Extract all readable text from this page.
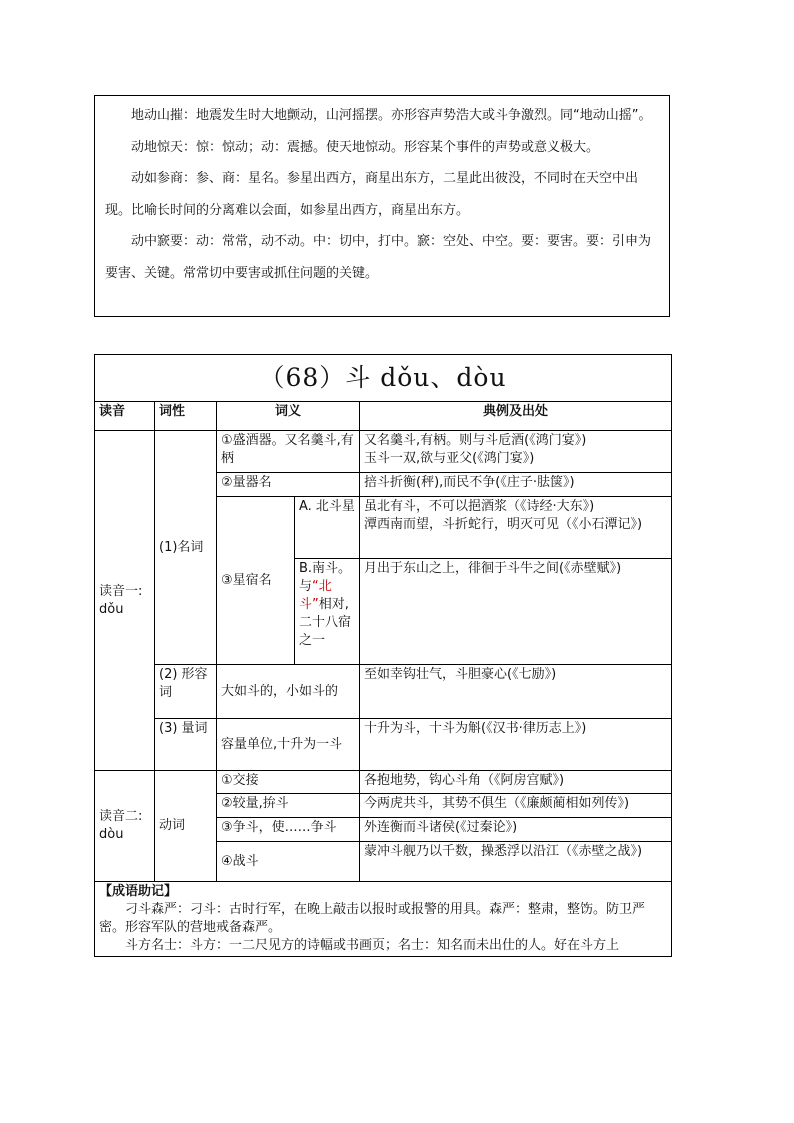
地动山摧：地震发生时大地颤动，山河摇摆。亦形容声势浩大或斗争激烈。同“地动山摇”。

动地惊天：惊：惊动；动：震撼。使天地惊动。形容某个事件的声势或意义极大。

动如参商：参、商：星名。参星出西方，商星出东方，二星此出彼没，不同时在天空中出现。比喻长时间的分离难以会面，如参星出西方，商星出东方。

动中窾要：动：常常，动不动。中：切中，打中。窾：空处、中空。要：要害。要：引申为要害、关键。常常切中要害或抓住问题的关键。

（68）斗 dǒu、dòu				
读音	词性	词义		典例及出处
读音一: dǒu	(1)名词	①盛酒器。又名羹斗,有柄		又名羹斗,有柄。则与斗卮酒(《鸿门宴》)
玉斗一双,欲与亚父(《鸿门宴》)

		②量器名		掊斗折衡(秤),而民不争(《庄子·胠箧》)
		③星宿名	A. 北斗星	虽北有斗，不可以挹酒浆（《诗经·大东》)
潭西南而望，斗折蛇行，明灭可见（《小石潭记》)

			B.南斗。与“北斗”相对,二十八宿之一	月出于东山之上，徘徊于斗牛之间(《赤壁赋》)
	(2) 形容词	大如斗的，小如斗的		至如幸钩壮气，斗胆豪心(《七励》)
	(3) 量词	容量单位,十升为一斗		十升为斗，十斗为斛(《汉书·律历志上》)

读音二: dòu	动词	①交接		各抱地势，钩心斗角（《阿房宫赋》)
		②较量,拚斗		今两虎共斗，其势不俱生（《廉颇蔺相如列传》)
		③争斗，使……争斗		外连衡而斗诸侯(《过秦论》)
		④战斗		蒙冲斗舰乃以千数，操悉浮以沿江（《赤壁之战》)

【成语助记】

刁斗森严：刁斗：古时行军，在晚上敲击以报时或报警的用具。森严：整肃，整饬。防卫严密。形容军队的营地戒备森严。

斗方名士：斗方：一二尺见方的诗幅或书画页；名士：知名而未出仕的人。好在斗方上				
